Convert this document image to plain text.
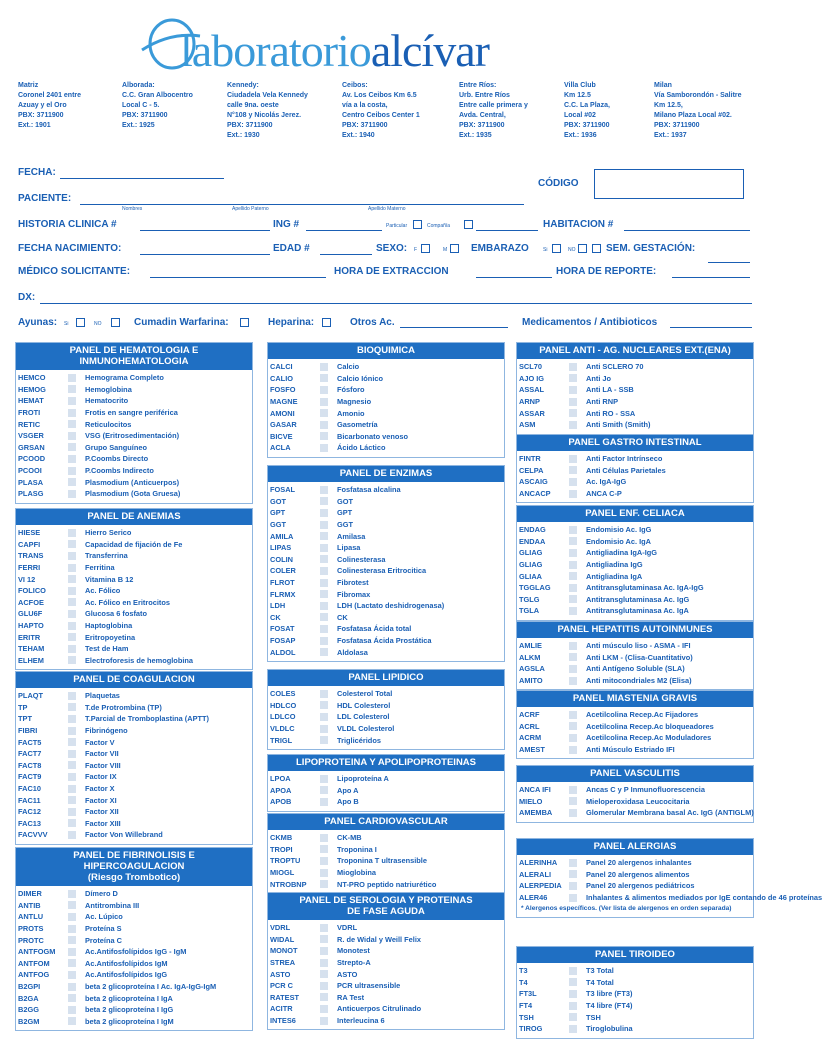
laboratorioalcívar
Matriz
Coronel 2401 entre
Azuay y el Oro
PBX: 3711900
Ext.: 1901
Alborada:
C.C. Gran Albocentro
Local C - 5.
PBX: 3711900
Ext.: 1925
Kennedy:
Ciudadela Vela Kennedy
calle 9na. oeste
N°108 y Nicolás Jerez.
PBX: 3711900
Ext.: 1930
Ceibos:
Av. Los Ceibos Km 6.5
vía a la costa,
Centro Ceibos Center 1
PBX: 3711900
Ext.: 1940
Entre Ríos:
Urb. Entre Ríos
Entre calle primera y
Avda. Central,
PBX: 3711900
Ext.: 1935
Villa Club
Km 12.5
C.C. La Plaza,
Local #02
PBX: 3711900
Ext.: 1936
Milan
Vía Samborondón - Salitre
Km 12.5,
Milano Plaza Local #02.
PBX: 3711900
Ext.: 1937
FECHA:
CÓDIGO
PACIENTE:
Nombres	Apellido Paterno	Apellido Materno
HISTORIA CLINICA #	ING #	Particular	Compañía	HABITACION #
FECHA NACIMIENTO:	EDAD #	SEXO: F	M EMBARAZO	Si	NO	SEM. GESTACIÓN:
MÉDICO SOLICITANTE:	HORA DE EXTRACCION	HORA DE REPORTE:
DX:
Ayunas: Si	NO	Cumadin Warfarina:	Heparina:	Otros Ac.	Medicamentos / Antibioticos
PANEL DE HEMATOLOGIA E
INMUNOHEMATOLOGIA
HEMCO	Hemograma Completo
HEMOG	Hemoglobina
HEMAT	Hematocrito
FROTI	Frotis en sangre periférica
RETIC	Reticulocitos
VSGER	VSG (Eritrosedimentación)
GRSAN	Grupo Sanguíneo
PCOOD	P.Coombs Directo
PCOOI	P.Coombs Indirecto
PLASA	Plasmodium (Anticuerpos)
PLASG	Plasmodium (Gota Gruesa)
PANEL DE ANEMIAS
HIESE	Hierro Serico
CAPFI	Capacidad de fijación de Fe
TRANS	Transferrina
FERRI	Ferritina
VI 12	Vitamina B 12
FOLICO	Ac. Fólico
ACFOE	Ac. Fólico en Eritrocitos
GLU6F	Glucosa 6 fosfato
HAPTO	Haptoglobina
ERITR	Eritropoyetina
TEHAM	Test de Ham
ELHEM	Electroforesis de hemoglobina
PANEL DE COAGULACION
PLAQT	Plaquetas
TP	T.de Protrombina (TP)
TPT	T.Parcial de Tromboplastina (APTT)
FIBRI	Fibrinógeno
FACT5	Factor V
FACT7	Factor VII
FACT8	Factor VIII
FACT9	Factor IX
FAC10	Factor X
FAC11	Factor XI
FAC12	Factor XII
FAC13	Factor XIII
FACVVV	Factor Von Willebrand
PANEL DE FIBRINOLISIS E
HIPERCOAGULACION
(Riesgo Trombotico)
DIMER	Dímero D
ANTIB	Antitrombina III
ANTLU	Ac. Lúpico
PROTS	Proteína S
PROTC	Proteína C
ANTFOGM	Ac.Antifosfolípidos IgG - IgM
ANTFOM	Ac.Antifosfolípidos IgM
ANTFOG	Ac.Antifosfolípidos IgG
B2GPI	beta 2 glicoproteína I Ac. IgA-IgG-IgM
B2GA	beta 2 glicoproteína I IgA
B2GG	beta 2 glicoproteína I IgG
B2GM	beta 2 glicoproteína I IgM
BIOQUIMICA
CALCI	Calcio
CALIO	Calcio Iónico
FOSFO	Fósforo
MAGNE	Magnesio
AMONI	Amonio
GASAR	Gasometría
BICVE	Bicarbonato venoso
ACLA	Ácido Láctico
PANEL DE ENZIMAS
FOSAL	Fosfatasa alcalina
GOT	GOT
GPT	GPT
GGT	GGT
AMILA	Amilasa
LIPAS	Lipasa
COLIN	Colinesterasa
COLER	Colinesterasa Eritrocitica
FLROT	Fibrotest
FLRMX	Fibromax
LDH	LDH (Lactato deshidrogenasa)
CK	CK
FOSAT	Fosfatasa Ácida total
FOSAP	Fosfatasa Ácida Prostática
ALDOL	Aldolasa
PANEL LIPIDICO
COLES	Colesterol Total
HDLCO	HDL Colesterol
LDLCO	LDL Colesterol
VLDLC	VLDL Colesterol
TRIGL	Triglicéridos
LIPOPROTEINA Y APOLIPOPROTEINAS
LPOA	Lipoproteína A
APOA	Apo A
APOB	Apo B
PANEL CARDIOVASCULAR
CKMB	CK-MB
TROPI	Troponina I
TROPTU	Troponina T ultrasensible
MIOGL	Mioglobina
NTROBNP	NT-PRO peptido natriurético
PANEL DE SEROLOGIA Y PROTEINAS
DE FASE AGUDA
VDRL	VDRL
WIDAL	R. de Widal y Weill Felix
MONOT	Monotest
STREA	Strepto-A
ASTO	ASTO
PCR C	PCR ultrasensible
RATEST	RA Test
ACITR	Anticuerpos Citrulinado
INTES6	Interleucina 6
PANEL ANTI - AG. NUCLEARES EXT.(ENA)
SCL70	Anti SCLERO 70
AJO IG	Anti Jo
ASSAL	Anti LA - SSB
ARNP	Anti RNP
ASSAR	Anti RO - SSA
ASM	Anti Smith (Smith)
PANEL GASTRO INTESTINAL
FINTR	Anti Factor Intrínseco
CELPA	Anti Células Parietales
ASCAIG	Ac. IgA-IgG
ANCACP	ANCA C-P
PANEL ENF. CELIACA
ENDAG	Endomisio Ac. IgG
ENDAA	Endomisio Ac. IgA
GLIAG	Antigliadina IgA-IgG
GLIAG	Antigliadina IgG
GLIAA	Antigliadina IgA
TGGLAG	Antitransglutaminasa Ac. IgA-IgG
TGLG	Antitransglutaminasa Ac. IgG
TGLA	Antitransglutaminasa Ac. IgA
PANEL HEPATITIS AUTOINMUNES
AMLIE	Anti músculo liso - ASMA - IFI
ALKM	Anti LKM - (Clisa-Cuantitativo)
AGSLA	Anti Antígeno Soluble (SLA)
AMITO	Anti mitocondriales M2 (Elisa)
PANEL MIASTENIA GRAVIS
ACRF	Acetilcolina Recep.Ac Fijadores
ACRL	Acetilcolina Recep.Ac bloqueadores
ACRM	Acetilcolina Recep.Ac Moduladores
AMEST	Anti Músculo Estriado IFI
PANEL VASCULITIS
ANCA IFI	Ancas C y P Inmunofluorescencia
MIELO	Mieloperoxidasa Leucocitaria
AMEMBA	Glomerular Membrana basal Ac. IgG (ANTIGLM)
PANEL ALERGIAS
ALERINHA	Panel 20 alergenos inhalantes
ALERALI	Panel 20 alergenos alimentos
ALERPEDIA	Panel 20 alergenos pediátricos
ALER46	Inhalantes & alimentos mediados por IgE contando de 46 proteínas
* Alergenos específicos. (Ver lista de alergenos en orden separada)
PANEL TIROIDEO
T3	T3 Total
T4	T4 Total
FT3L	T3 libre (FT3)
FT4	T4 libre (FT4)
TSH	TSH
TIROG	Tiroglobulina
